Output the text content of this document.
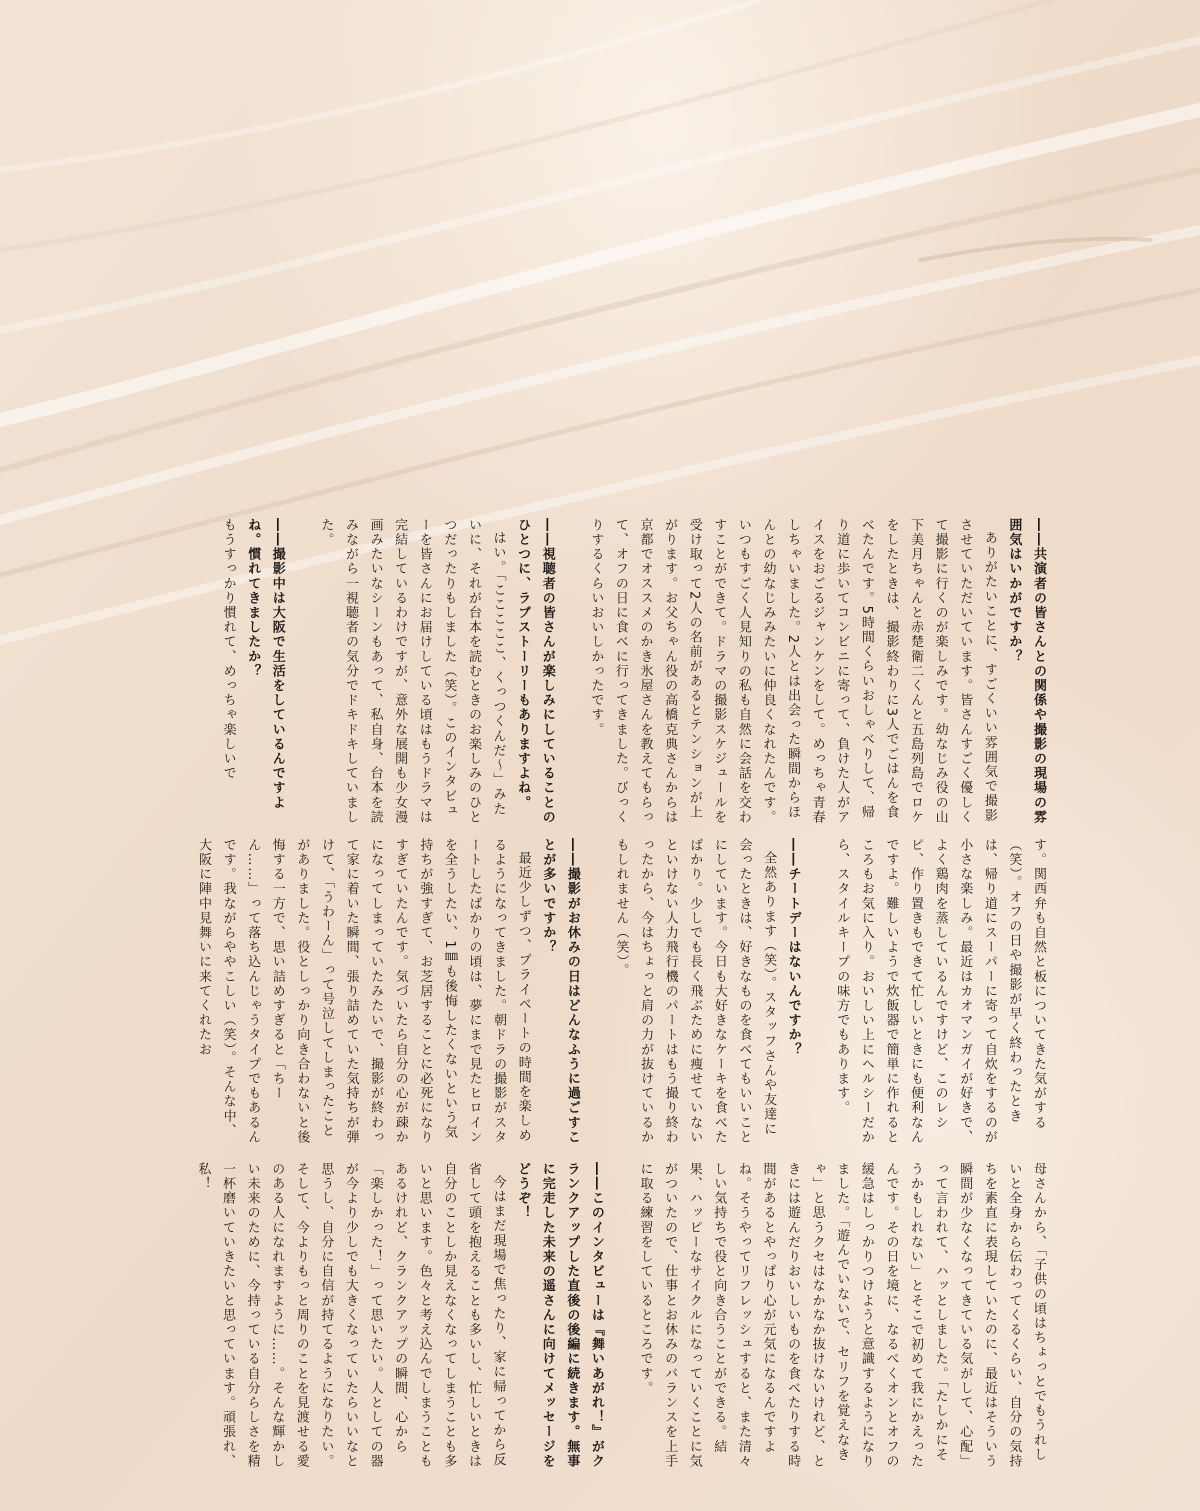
――共演者の皆さんとの関係や撮影の現場の雰囲気はいかがですか？
ありがたいことに、すごくいい雰囲気で撮影させていただいています。皆さんすごく優しくて撮影に行くのが楽しみです。幼なじみ役の山下美月ちゃんと赤楚衛二くんと五島列島でロケをしたときは、撮影終わりに3人でごはんを食べたんです。5時間くらいおしゃべりして、帰り道に歩いてコンビニに寄って、負けた人がアイスをおごるジャンケンをして。めっちゃ青春しちゃいました。2人とは出会った瞬間からほんとの幼なじみみたいに仲良くなれたんです。いつもすごく人見知りの私も自然に会話を交わすことができて。ドラマの撮影スケジュールを受け取って2人の名前があるとテンションが上がります。お父ちゃん役の高橋克典さんからは京都でオススメのかき氷屋さんを教えてもらって、オフの日に食べに行ってきました。びっくりするくらいおいしかったです。
――視聴者の皆さんが楽しみにしていることのひとつに、ラブストーリーもありますよね。
はい。「こここここ、くっつくんだ〜」みたいに、それが台本を読むときのお楽しみのひとつだったりもしました（笑）。このインタビューを皆さんにお届けしている頃はもうドラマは完結しているわけですが、意外な展開も少女漫画みたいなシーンもあって、私自身、台本を読みながら一視聴者の気分でドキドキしていました。
――撮影中は大阪で生活をしているんですよね。慣れてきましたか？
もうすっかり慣れて、めっちゃ楽しいで
す。関西弁も自然と板についてきた気がする（笑）。オフの日や撮影が早く終わったときは、帰り道にスーパーに寄って自炊をするのが小さな楽しみ。最近はカオマンガイが好きで、よく鶏肉を蒸しているんですけど、このレシピ、作り置きもできて忙しいときにも便利なんですよ。難しいようで炊飯器で簡単に作れるところもお気に入り。おいしい上にヘルシーだから、スタイルキープの味方でもあります。
――チートデーはないんですか？
全然あります（笑）。スタッフさんや友達に会ったときは、好きなものを食べてもいいことにしています。今日も大好きなケーキを食べたばかり。少しでも長く飛ぶために痩せていないといけない人力飛行機のパートはもう撮り終わったから、今はちょっと肩の力が抜けているかもしれません（笑）。
――撮影がお休みの日はどんなふうに過ごすことが多いですか？
最近少しずつ、プライベートの時間を楽しめるようになってきました。朝ドラの撮影がスタートしたばかりの頃は、夢にまで見たヒロインを全うしたい、1㎜も後悔したくないという気持ちが強すぎて、お芝居することに必死になりすぎていたんです。気づいたら自分の心が疎かになってしまっていたみたいで、撮影が終わって家に着いた瞬間、張り詰めていた気持ちが弾けて、「うわーん」って号泣してしまったことがありました。役としっかり向き合わないと後悔する一方で、思い詰めすぎると「ちーん……」って落ち込んじゃうタイプでもあるんです。我ながらややこしい（笑）。そんな中、大阪に陣中見舞いに来てくれたお
母さんから、「子供の頃はちょっとでもうれしいと全身から伝わってくるくらい、自分の気持ちを素直に表現していたのに、最近はそういう瞬間が少なくなってきている気がして、心配」って言われて、ハッとしました。「たしかにそうかもしれない」とそこで初めて我にかえったんです。その日を境に、なるべくオンとオフの緩急はしっかりつけようと意識するようになりました。「遊んでいないで、セリフを覚えなきゃ」と思うクセはなかなか抜けないけれど、ときには遊んだりおいしいものを食べたりする時間があるとやっぱり心が元気になるんですよね。そうやってリフレッシュすると、また清々しい気持ちで役と向き合うことができる。結果、ハッピーなサイクルになっていくことに気がついたので、仕事とお休みのバランスを上手に取る練習をしているところです。
――このインタビューは『舞いあがれ！』がクランクアップした直後の後編に続きます。無事に完走した未来の遥さんに向けてメッセージをどうぞ！
今はまだ現場で焦ったり、家に帰ってから反省して頭を抱えることも多いし、忙しいときは自分のことしか見えなくなってしまうことも多いと思います。色々と考え込んでしまうこともあるけれど、クランクアップの瞬間、心から「楽しかった！」って思いたい。人としての器が今より少しでも大きくなっていたらいいなと思うし、自分に自信が持てるようになりたい。そして、今よりもっと周りのことを見渡せる愛のある人になれますように……。そんな輝かしい未来のために、今持っている自分らしさを精一杯磨いていきたいと思っています。頑張れ、私！
